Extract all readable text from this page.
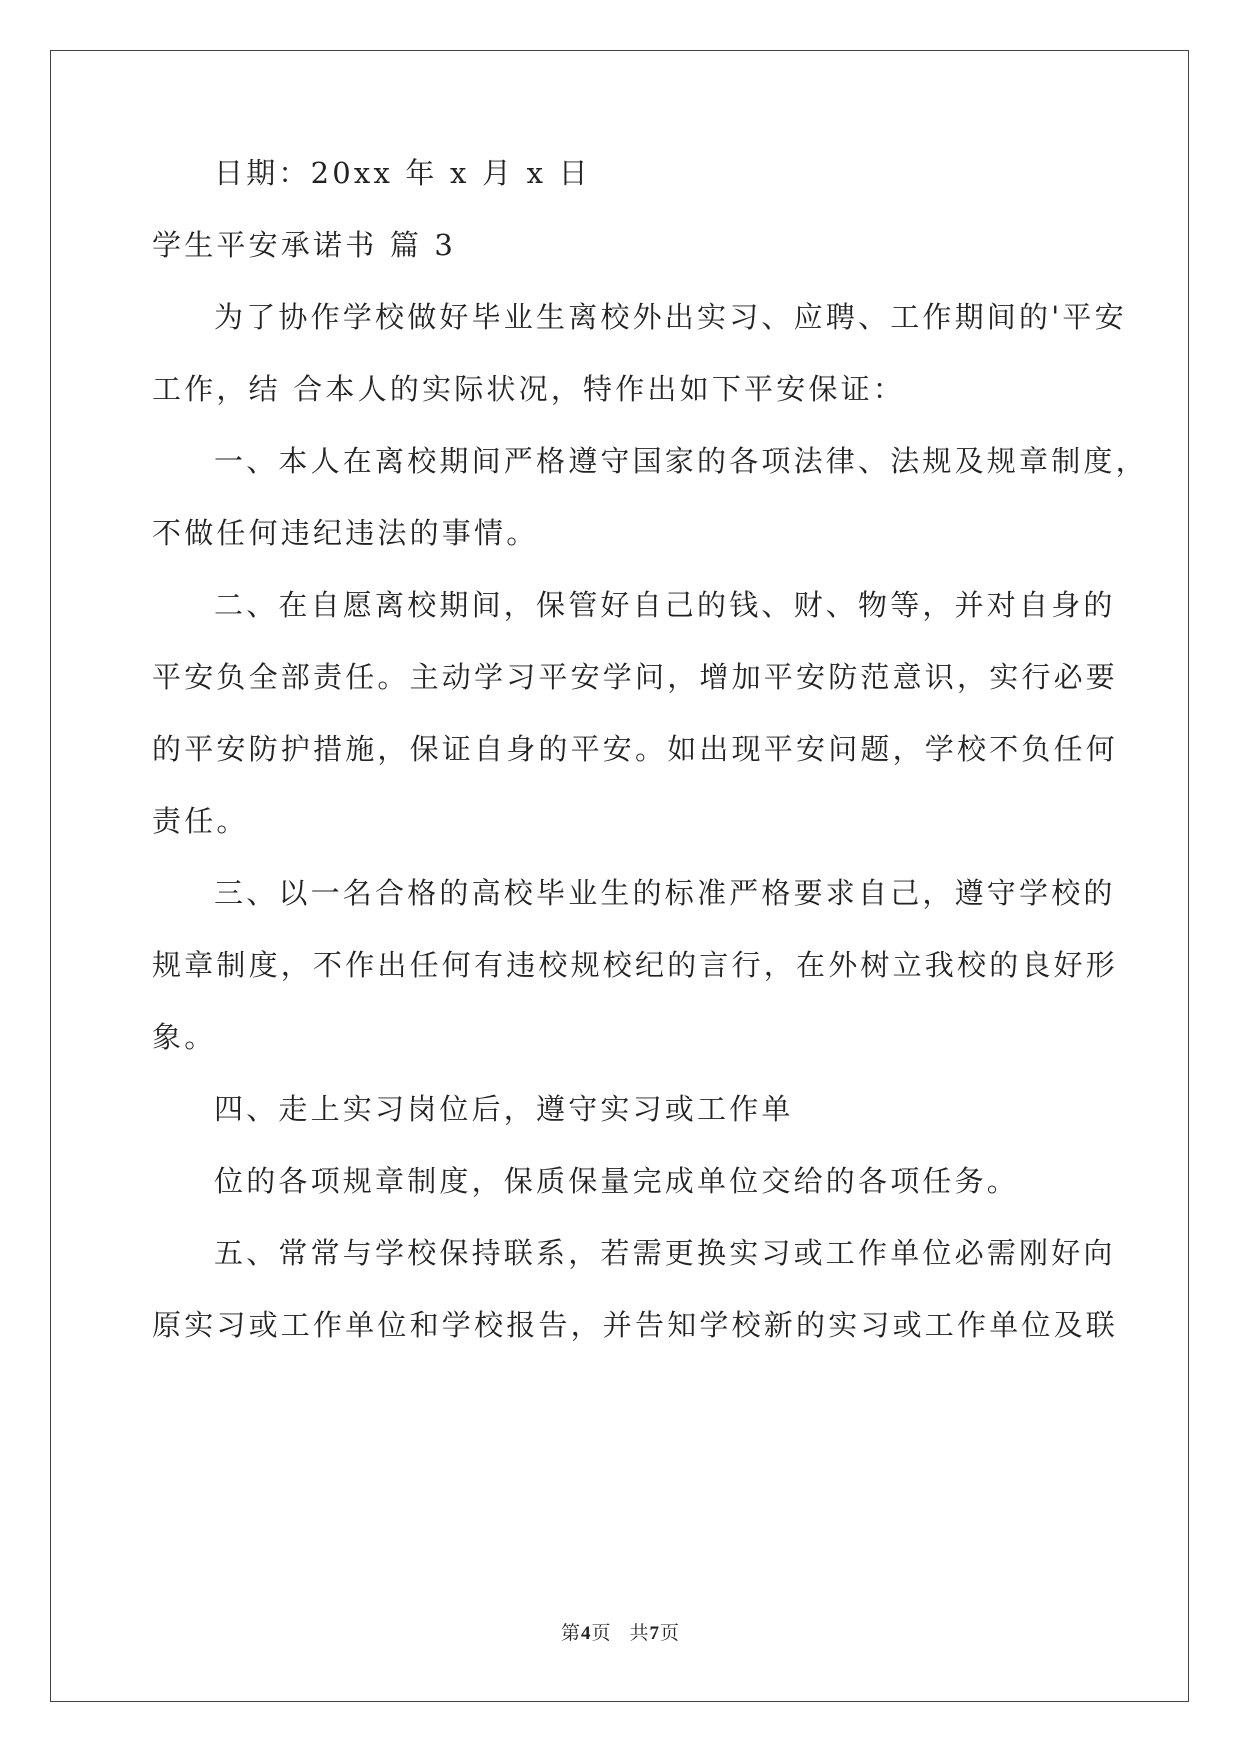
日期：20xx 年 x 月 x 日
学生平安承诺书 篇 3
为了协作学校做好毕业生离校外出实习、应聘、工作期间的'平安
工作，结 合本人的实际状况，特作出如下平安保证：
一、本人在离校期间严格遵守国家的各项法律、法规及规章制度，
不做任何违纪违法的事情。
二、在自愿离校期间，保管好自己的钱、财、物等，并对自身的
平安负全部责任。主动学习平安学问，增加平安防范意识，实行必要
的平安防护措施，保证自身的平安。如出现平安问题，学校不负任何
责任。
三、以一名合格的高校毕业生的标准严格要求自己，遵守学校的
规章制度，不作出任何有违校规校纪的言行，在外树立我校的良好形
象。
四、走上实习岗位后，遵守实习或工作单
位的各项规章制度，保质保量完成单位交给的各项任务。
五、常常与学校保持联系，若需更换实习或工作单位必需刚好向
原实习或工作单位和学校报告，并告知学校新的实习或工作单位及联
第4页 共7页
